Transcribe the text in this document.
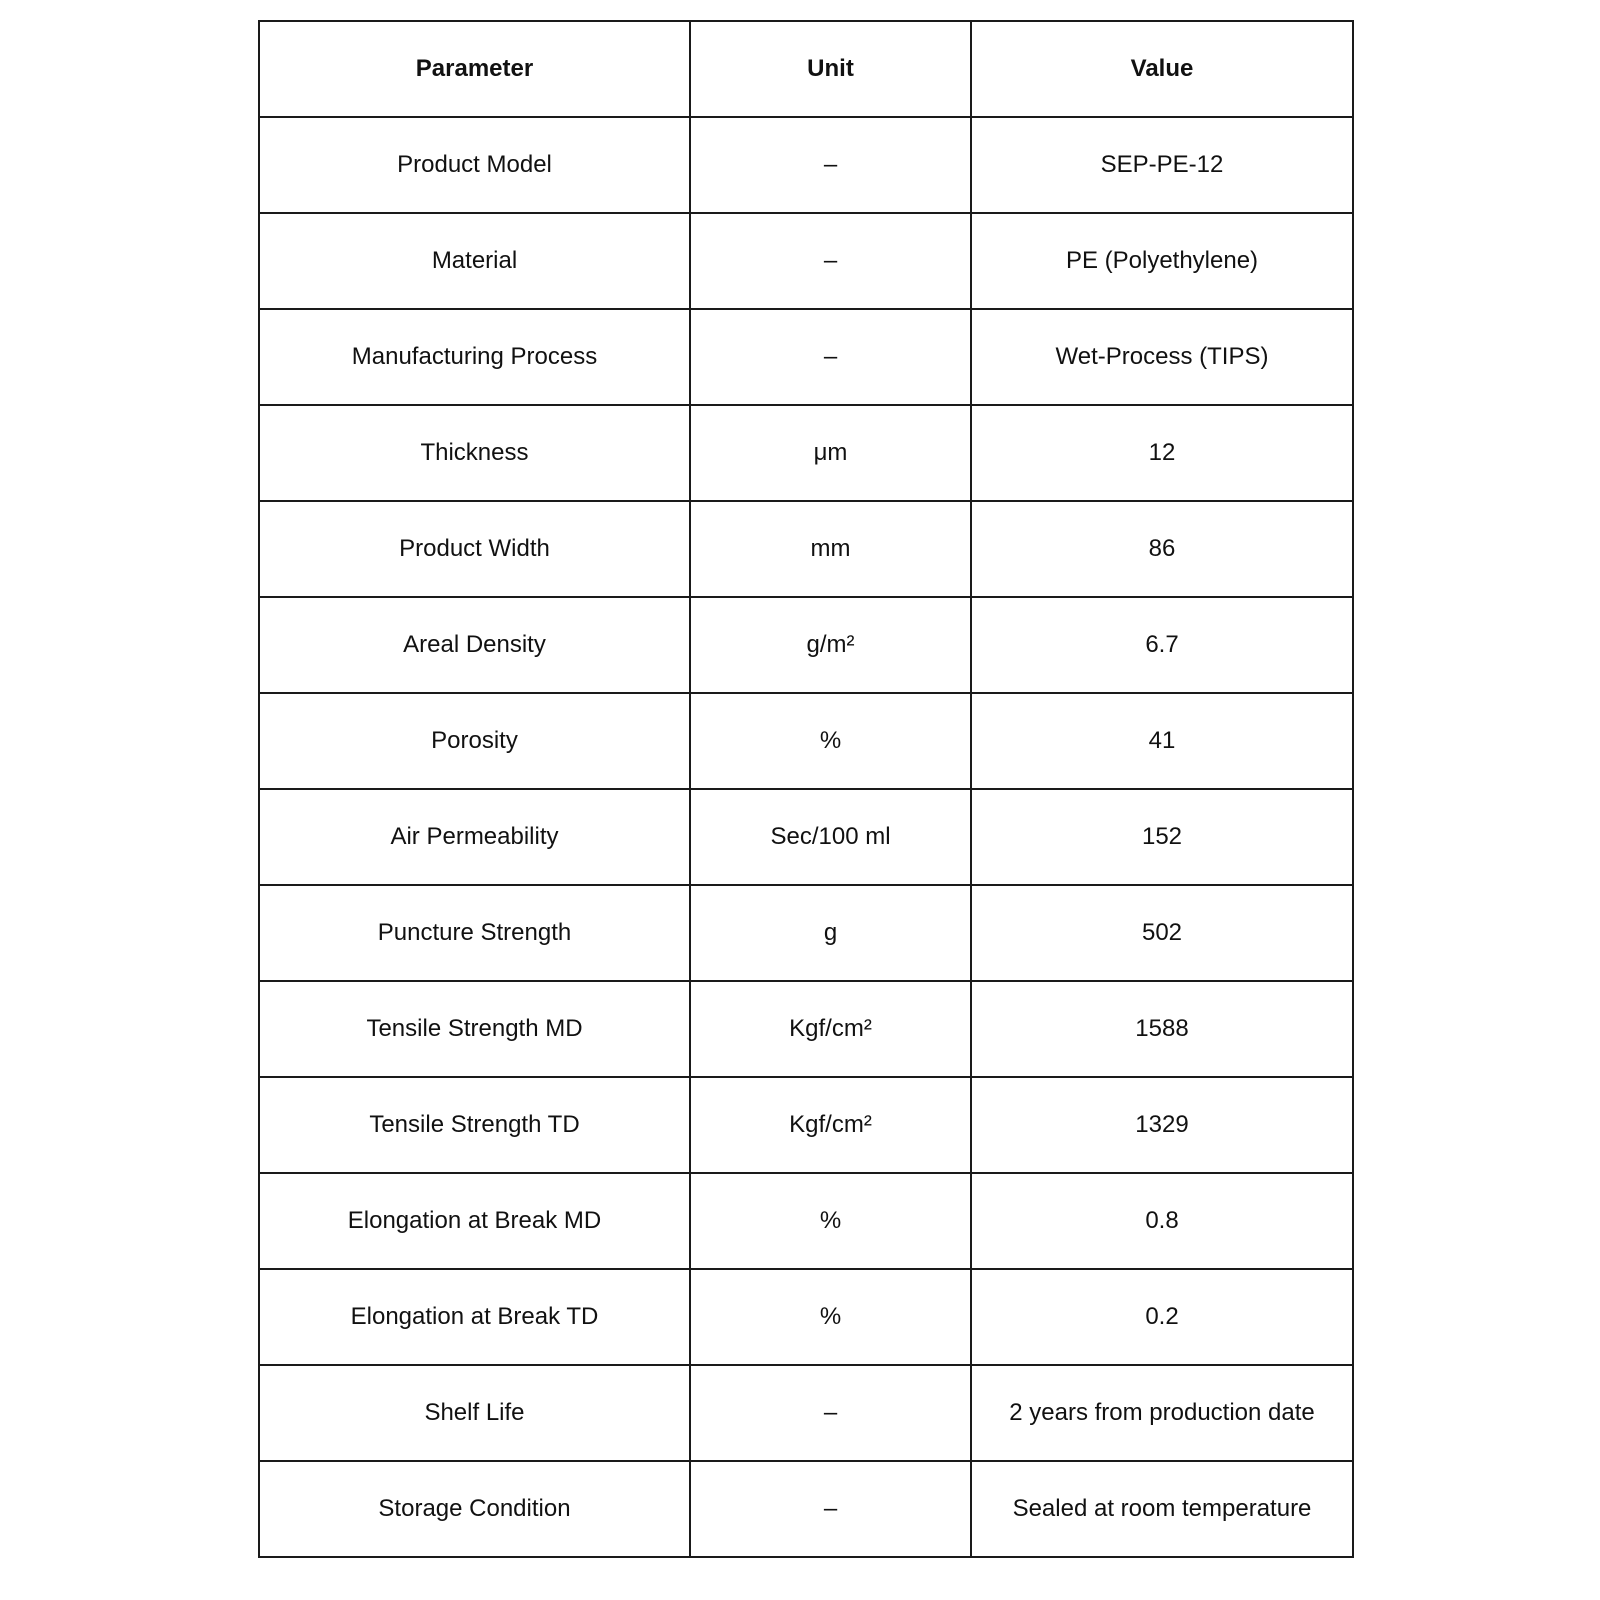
Parameter	Unit	Value
Product Model	–	SEP-PE-12
Material	–	PE (Polyethylene)
Manufacturing Process	–	Wet-Process (TIPS)
Thickness	μm	12
Product Width	mm	86
Areal Density	g/m²	6.7
Porosity	%	41
Air Permeability	Sec/100 ml	152
Puncture Strength	g	502
Tensile Strength MD	Kgf/cm²	1588
Tensile Strength TD	Kgf/cm²	1329
Elongation at Break MD	%	0.8
Elongation at Break TD	%	0.2
Shelf Life	–	2 years from production date
Storage Condition	–	Sealed at room temperature
